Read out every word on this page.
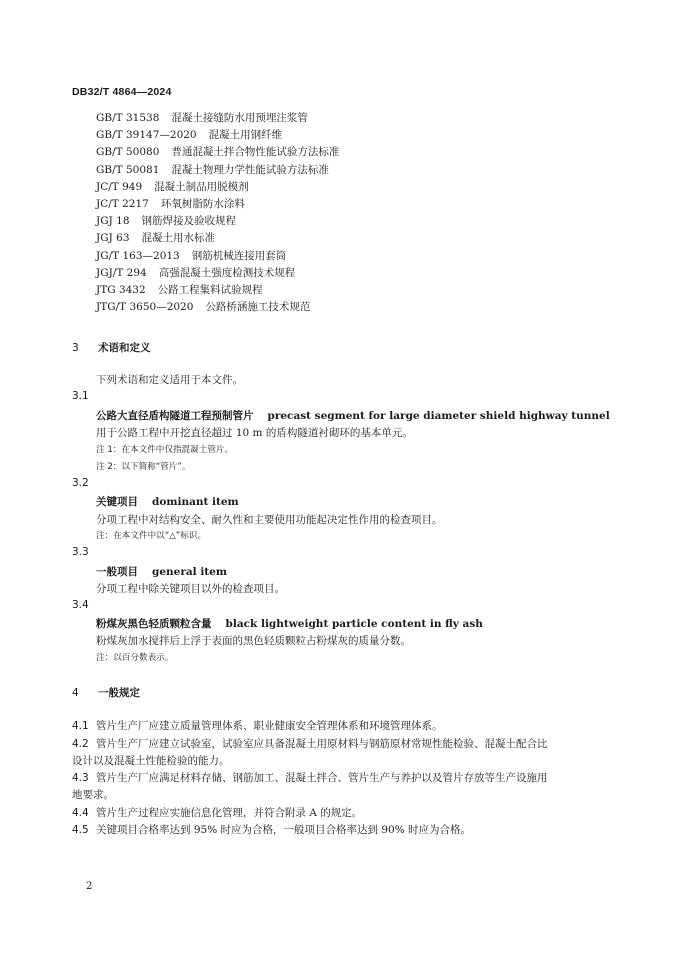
DB32/T 4864—2024
GB/T 31538 混凝土接缝防水用预埋注浆管
GB/T 39147—2020 混凝土用钢纤维
GB/T 50080 普通混凝土拌合物性能试验方法标准
GB/T 50081 混凝土物理力学性能试验方法标准
JC/T 949 混凝土制品用脱模剂
JC/T 2217 环氧树脂防水涂料
JGJ 18 钢筋焊接及验收规程
JGJ 63 混凝土用水标准
JG/T 163—2013 钢筋机械连接用套筒
JGJ/T 294 高强混凝土强度检测技术规程
JTG 3432 公路工程集料试验规程
JTG/T 3650—2020 公路桥涵施工技术规范
3 术语和定义
下列术语和定义适用于本文件。
3.1
公路大直径盾构隧道工程预制管片 precast segment for large diameter shield highway tunnel
用于公路工程中开挖直径超过 10 m 的盾构隧道衬砌环的基本单元。
注 1：在本文件中仅指混凝土管片。
注 2：以下简称“管片”。
3.2
关键项目 dominant item
分项工程中对结构安全、耐久性和主要使用功能起决定性作用的检查项目。
注：在本文件中以“△”标识。
3.3
一般项目 general item
分项工程中除关键项目以外的检查项目。
3.4
粉煤灰黑色轻质颗粒含量 black lightweight particle content in fly ash
粉煤灰加水搅拌后上浮于表面的黑色轻质颗粒占粉煤灰的质量分数。
注：以百分数表示。
4 一般规定
4.1 管片生产厂应建立质量管理体系、职业健康安全管理体系和环境管理体系。
4.2 管片生产厂应建立试验室，试验室应具备混凝土用原材料与钢筋原材常规性能检验、混凝土配合比
设计以及混凝土性能检验的能力。
4.3 管片生产厂应满足材料存储、钢筋加工、混凝土拌合、管片生产与养护以及管片存放等生产设施用
地要求。
4.4 管片生产过程应实施信息化管理，并符合附录 A 的规定。
4.5 关键项目合格率达到 95% 时应为合格，一般项目合格率达到 90% 时应为合格。
2
